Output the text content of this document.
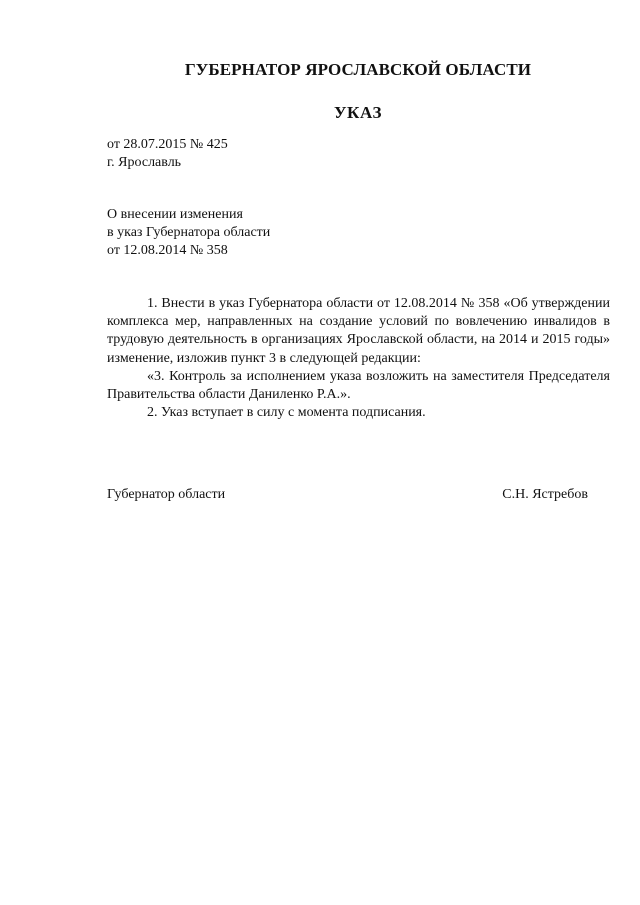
ГУБЕРНАТОР ЯРОСЛАВСКОЙ ОБЛАСТИ
УКАЗ
от 28.07.2015 № 425
г. Ярославль
О внесении изменения
в указ Губернатора области
от 12.08.2014 № 358

1. Внести в указ Губернатора области от 12.08.2014 № 358 «Об утверждении комплекса мер, направленных на создание условий по вовлечению инвалидов в трудовую деятельность в организациях Ярославской области, на 2014 и 2015 годы» изменение, изложив пункт 3 в следующей редакции:

«3. Контроль за исполнением указа возложить на заместителя Председателя Правительства области Даниленко Р.А.».

2. Указ вступает в силу с момента подписания.

Губернатор области	С.Н. Ястребов
